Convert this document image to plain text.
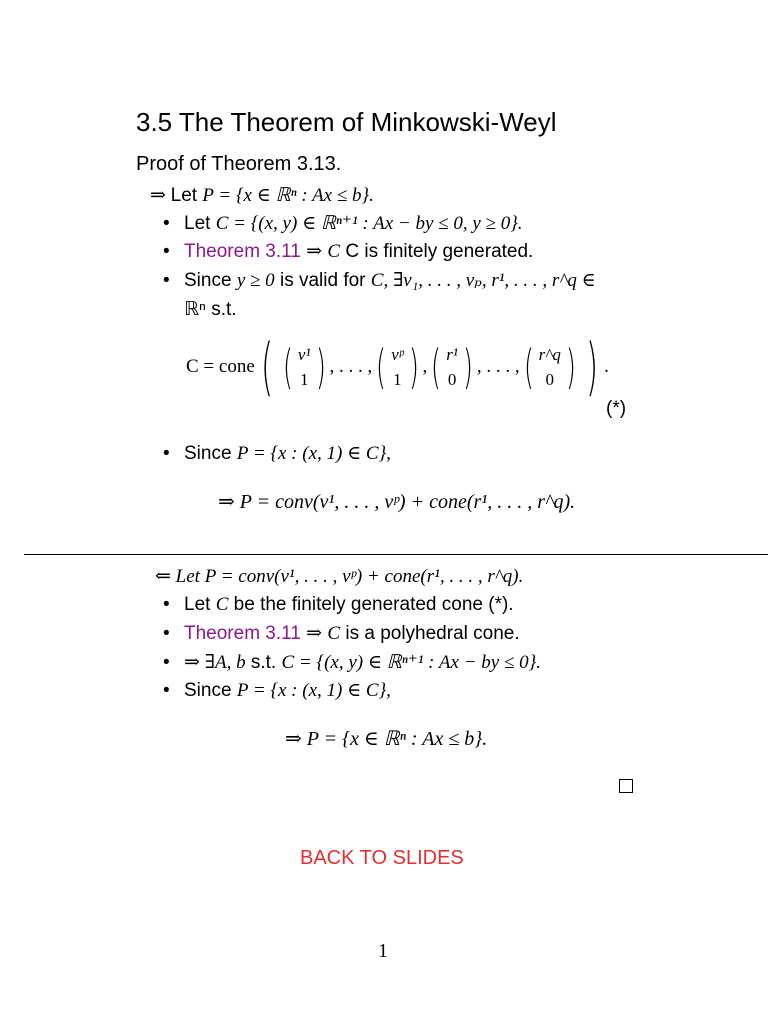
3.5 The Theorem of Minkowski-Weyl
Proof of Theorem 3.13.
⇒ Let P = {x ∈ ℝⁿ : Ax ≤ b}.
• Let C = {(x, y) ∈ ℝⁿ⁺¹ : Ax − by ≤ 0, y ≥ 0}.
• Theorem 3.11 ⇒ C C is finitely generated.
• Since y ≥ 0 is valid for C, ∃v₁, . . . , vₚ, r¹, . . . , r^q ∈
ℝⁿ s.t.
C = cone ( ( v¹
1 ) , . . . , ( vᵖ
1 ) , ( r¹
0 ) , . . . , ( r^q
0 ) ) .
(*)
• Since P = {x : (x, 1) ∈ C},
⇒ P = conv(v¹, . . . , vᵖ) + cone(r¹, . . . , r^q).
⇐ Let P = conv(v¹, . . . , vᵖ) + cone(r¹, . . . , r^q).
• Let C be the finitely generated cone (*).
• Theorem 3.11 ⇒ C is a polyhedral cone.
• ⇒ ∃A, b s.t. C = {(x, y) ∈ ℝⁿ⁺¹ : Ax − by ≤ 0}.
• Since P = {x : (x, 1) ∈ C},
⇒ P = {x ∈ ℝⁿ : Ax ≤ b}.
BACK TO SLIDES
1
